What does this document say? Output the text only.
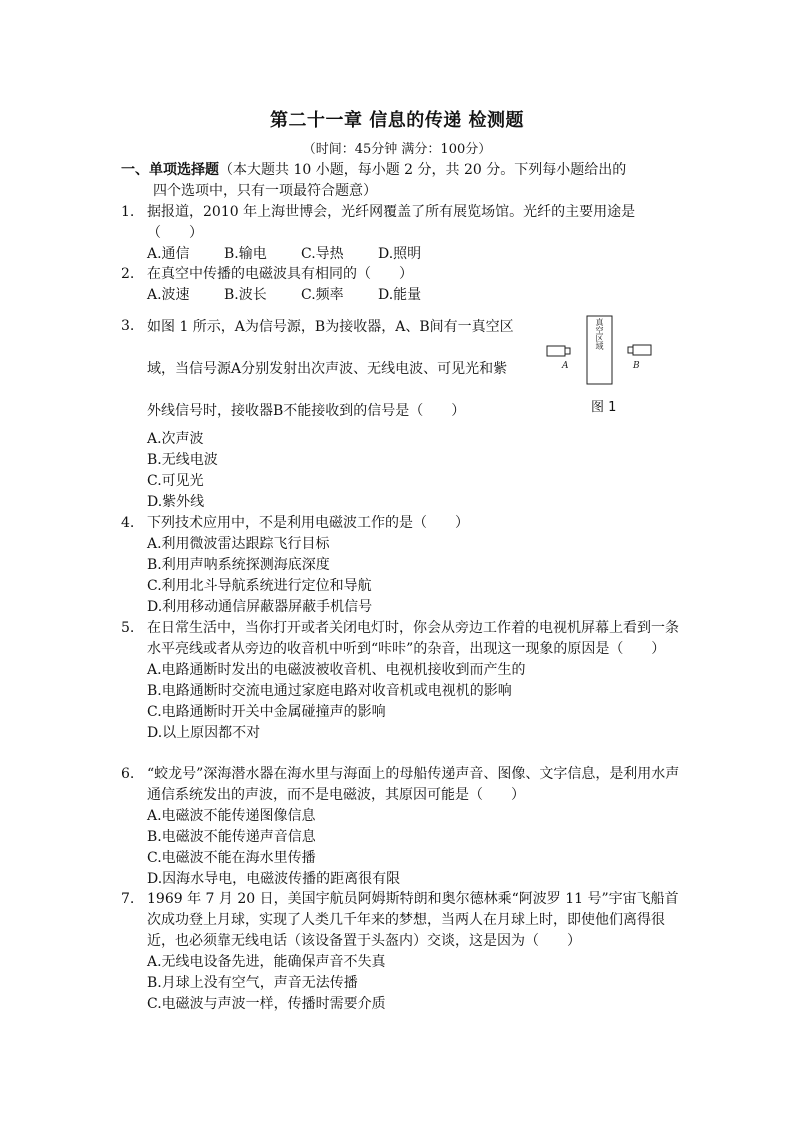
第二十一章 信息的传递 检测题
（时间：45分钟 满分：100分）
一、单项选择题（本大题共 10 小题，每小题 2 分，共 20 分。下列每小题给出的
四个选项中，只有一项最符合题意）
1. 据报道，2010 年上海世博会，光纤网覆盖了所有展览场馆。光纤的主要用途是（　　）
A.通信	B.输电	C.导热	D.照明
2. 在真空中传播的电磁波具有相同的（　　）
A.波速	B.波长	C.频率	D.能量
3. 如图 1 所示，A为信号源，B为接收器，A、B间有一真空区
域，当信号源A分别发射出次声波、无线电波、可见光和紫
外线信号时，接收器B不能接收到的信号是（　　）
A
真空区域
B
图 1
A.次声波
B.无线电波
C.可见光
D.紫外线
4. 下列技术应用中，不是利用电磁波工作的是（　　）
A.利用微波雷达跟踪飞行目标
B.利用声呐系统探测海底深度
C.利用北斗导航系统进行定位和导航
D.利用移动通信屏蔽器屏蔽手机信号
5. 在日常生活中，当你打开或者关闭电灯时，你会从旁边工作着的电视机屏幕上看到一条水平亮线或者从旁边的收音机中听到“咔咔”的杂音，出现这一现象的原因是（　　）
A.电路通断时发出的电磁波被收音机、电视机接收到而产生的
B.电路通断时交流电通过家庭电路对收音机或电视机的影响
C.电路通断时开关中金属碰撞声的影响
D.以上原因都不对
6. “蛟龙号”深海潜水器在海水里与海面上的母船传递声音、图像、文字信息，是利用水声通信系统发出的声波，而不是电磁波，其原因可能是（　　）
A.电磁波不能传递图像信息
B.电磁波不能传递声音信息
C.电磁波不能在海水里传播
D.因海水导电，电磁波传播的距离很有限
7. 1969 年 7 月 20 日，美国宇航员阿姆斯特朗和奥尔德林乘“阿波罗 11 号”宇宙飞船首次成功登上月球，实现了人类几千年来的梦想，当两人在月球上时，即使他们离得很近，也必须靠无线电话（该设备置于头盔内）交谈，这是因为（　　）
A.无线电设备先进，能确保声音不失真
B.月球上没有空气，声音无法传播
C.电磁波与声波一样，传播时需要介质
